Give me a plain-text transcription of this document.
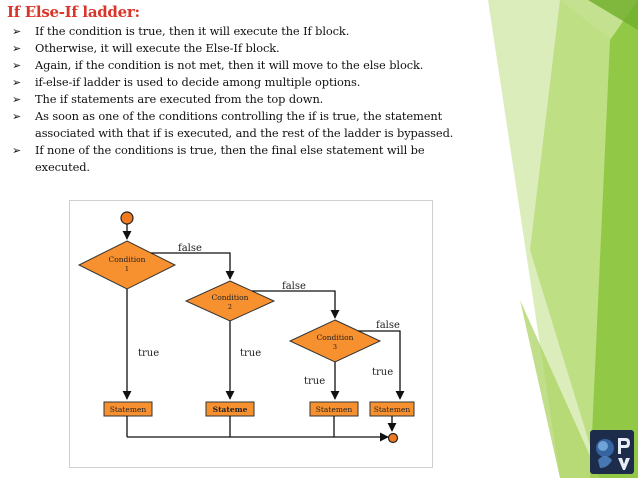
If Else-If ladder:
➢ If the condition is true, then it will execute the If block.
➢ Otherwise, it will execute the Else-If block.
➢ Again, if the condition is not met, then it will move to the else block.
➢ if-else-if ladder is used to decide among multiple options.
➢ The if statements are executed from the top down.
➢ As soon as one of the conditions controlling the if is true, the statement associated with that if is executed, and the rest of the ladder is bypassed.
➢ If none of the conditions is true, then the final else statement will be executed.
Condition
1
false
true
Condition
2
false
true
Condition
3
false
true
true
Statemen	Stateme	Statemen	Statemen
